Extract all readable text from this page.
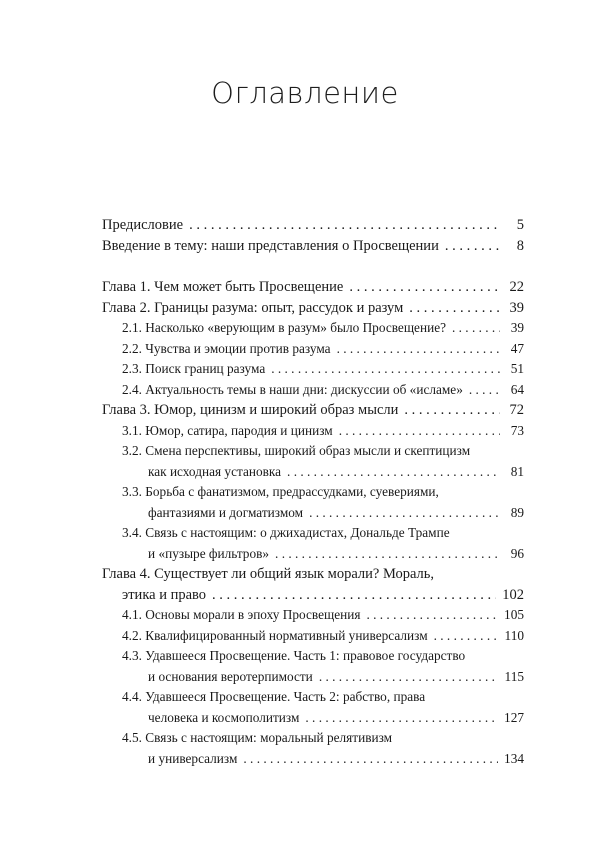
Оглавление
Предисловие . . .	5
Введение в тему: наши представления о Просвещении . . .	8
Глава 1. Чем может быть Просвещение . . .	22
Глава 2. Границы разума: опыт, рассудок и разум . . .	39
2.1. Насколько «верующим в разум» было Просвещение? . . .	39
2.2. Чувства и эмоции против разума . . .	47
2.3. Поиск границ разума . . .	51
2.4. Актуальность темы в наши дни: дискуссии об «исламе» . . .	64
Глава 3. Юмор, цинизм и широкий образ мысли . . .	72
3.1. Юмор, сатира, пародия и цинизм . . .	73
3.2. Смена перспективы, широкий образ мысли и скептицизм
как исходная установка . . .	81
3.3. Борьба с фанатизмом, предрассудками, суевериями,
фантазиями и догматизмом . . .	89
3.4. Связь с настоящим: о джихадистах, Дональде Трампе
и «пузыре фильтров» . . .	96
Глава 4. Существует ли общий язык морали? Мораль,
этика и право . . .	102
4.1. Основы морали в эпоху Просвещения . . .	105
4.2. Квалифицированный нормативный универсализм . . .	110
4.3. Удавшееся Просвещение. Часть 1: правовое государство
и основания веротерпимости . . .	115
4.4. Удавшееся Просвещение. Часть 2: рабство, права
человека и космополитизм . . .	127
4.5. Связь с настоящим: моральный релятивизм
и универсализм . . .	134
